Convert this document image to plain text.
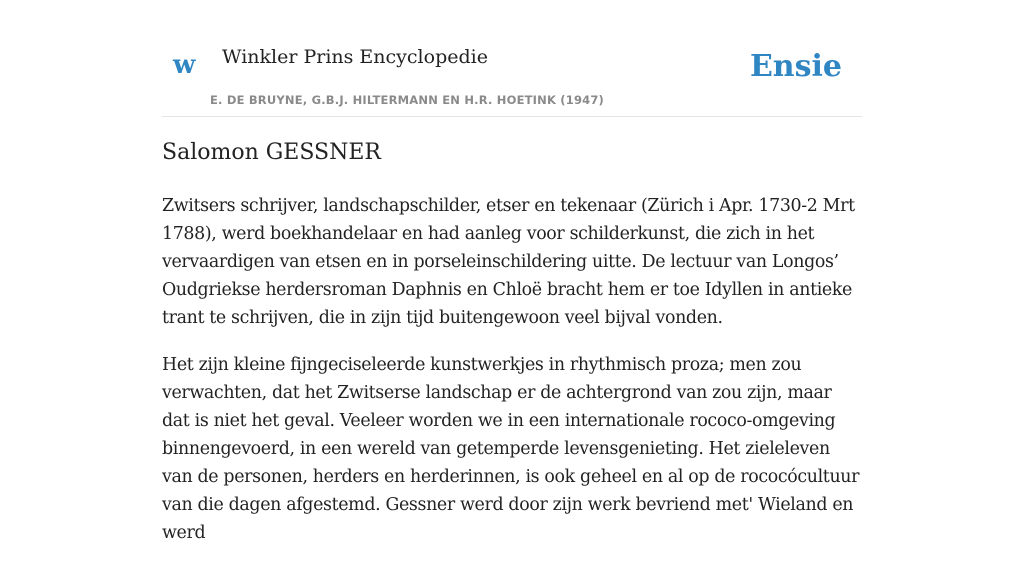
w Winkler Prins Encyclopedie
E. DE BRUYNE, G.B.J. HILTERMANN EN H.R. HOETINK (1947)
Ensie
Salomon GESSNER

Zwitsers schrijver, landschapschilder, etser en tekenaar (Zürich i Apr. 1730-2 Mrt 1788), werd boekhandelaar en had aanleg voor schilderkunst, die zich in het vervaardigen van etsen en in porseleinschildering uitte. De lectuur van Longos’ Oudgriekse herdersroman Daphnis en Chloë bracht hem er toe Idyllen in antieke trant te schrijven, die in zijn tijd buitengewoon veel bijval vonden.

Het zijn kleine fijngeciseleerde kunstwerkjes in rhythmisch proza; men zou verwachten, dat het Zwitserse landschap er de achtergrond van zou zijn, maar dat is niet het geval. Veeleer worden we in een internationale rococo-omgeving binnengevoerd, in een wereld van getemperde levensgenieting. Het zieleleven van de personen, herders en herderinnen, is ook geheel en al op de rococócultuur van die dagen afgestemd. Gessner werd door zijn werk bevriend met' Wieland en werd
